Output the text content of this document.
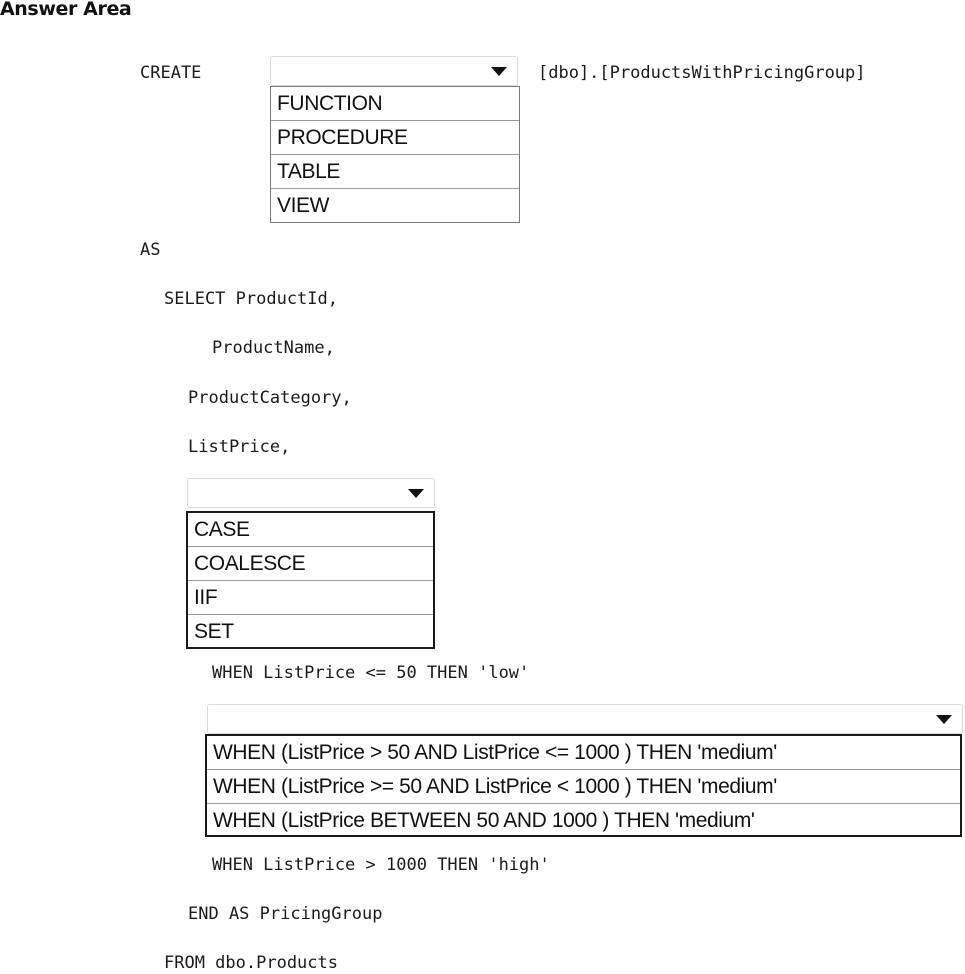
Answer Area
CREATE	[dbo].[ProductsWithPricingGroup]
FUNCTION
PROCEDURE
TABLE
VIEW
AS
SELECT ProductId,
ProductName,
ProductCategory,
ListPrice,
CASE
COALESCE
IIF
SET
WHEN ListPrice <= 50 THEN 'low'
WHEN (ListPrice > 50 AND ListPrice <= 1000 ) THEN 'medium'
WHEN (ListPrice >= 50 AND ListPrice < 1000 ) THEN 'medium'
WHEN (ListPrice BETWEEN 50 AND 1000 ) THEN 'medium'
WHEN ListPrice > 1000 THEN 'high'
END AS PricingGroup
FROM dbo.Products
